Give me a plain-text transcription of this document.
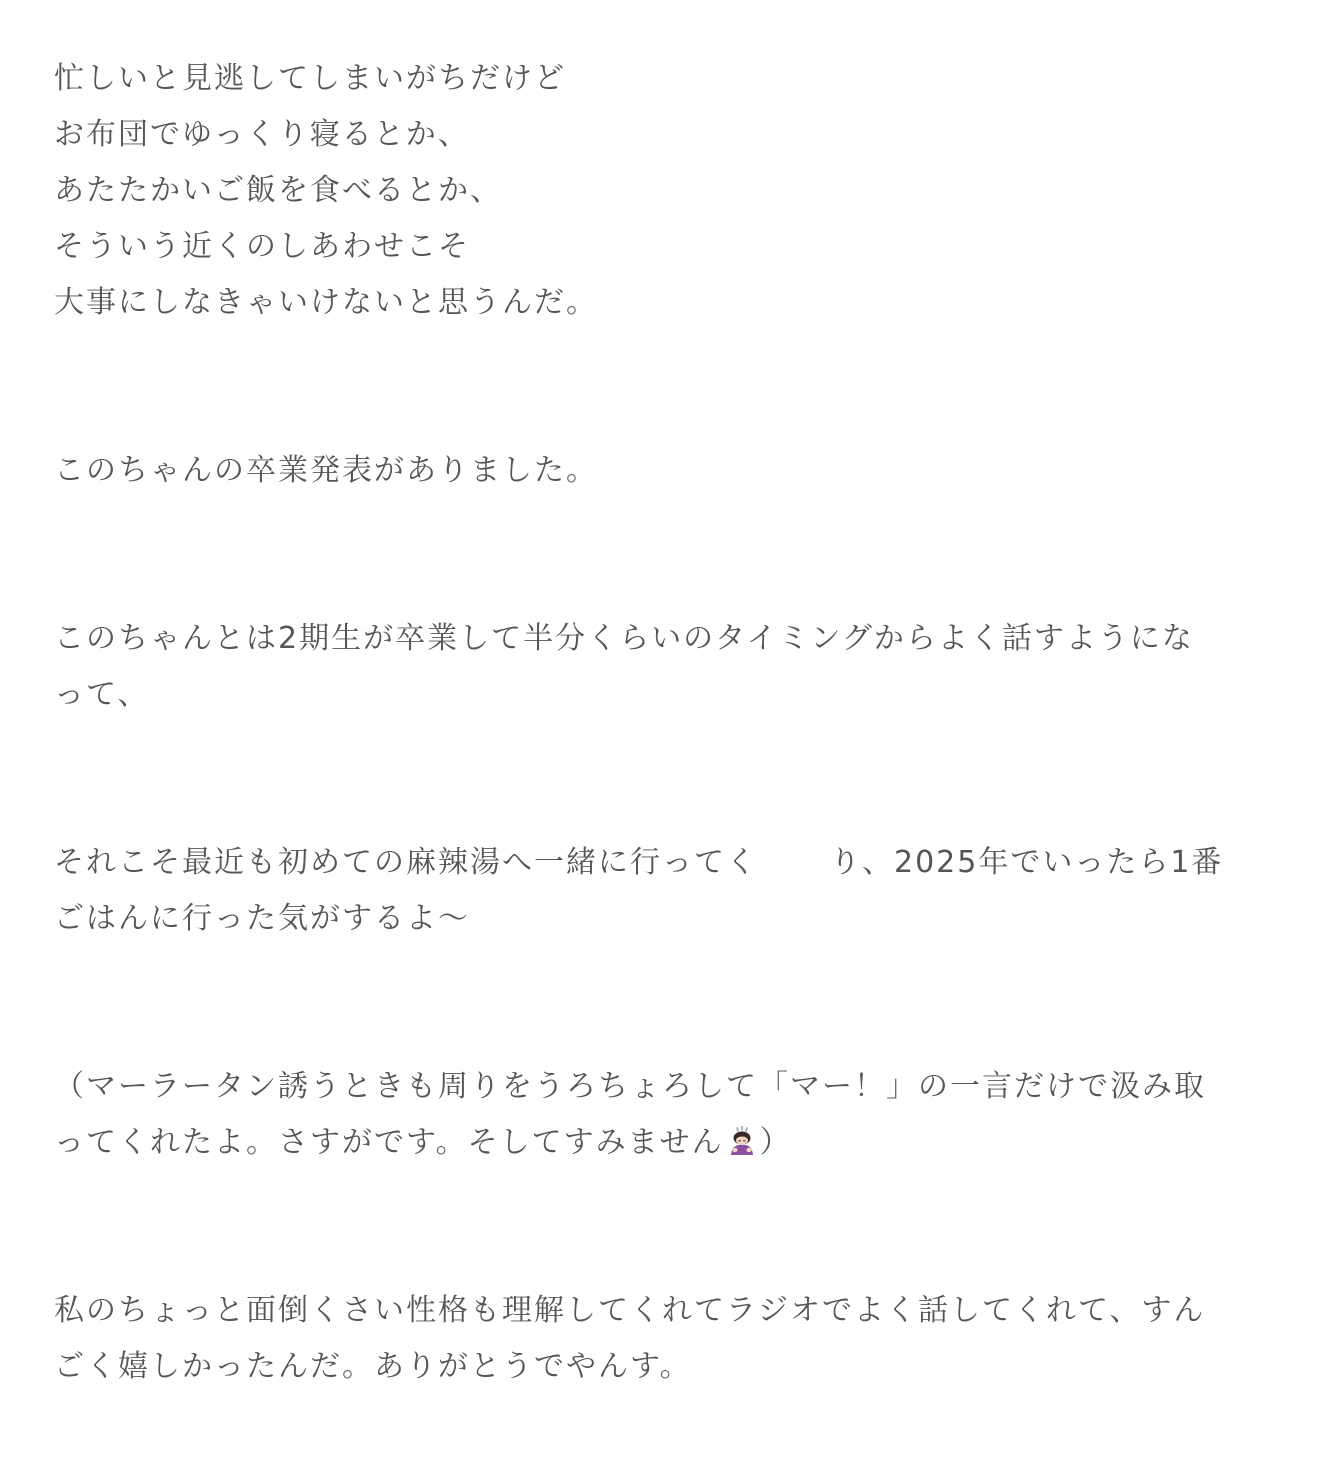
忙しいと見逃してしまいがちだけど
お布団でゆっくり寝るとか、
あたたかいご飯を食べるとか、
そういう近くのしあわせこそ
大事にしなきゃいけないと思うんだ。

このちゃんの卒業発表がありました。

このちゃんとは2期生が卒業して半分くらいのタイミングからよく話すようにな
って、

それこそ最近も初めての麻辣湯へ一緒に行ってく り、2025年でいったら1番
ごはんに行った気がするよ〜

（マーラータン誘うときも周りをうろちょろして「マー！」の一言だけで汲み取
ってくれたよ。さすがです。そしてすみません ）

私のちょっと面倒くさい性格も理解してくれてラジオでよく話してくれて、すん
ごく嬉しかったんだ。ありがとうでやんす。
